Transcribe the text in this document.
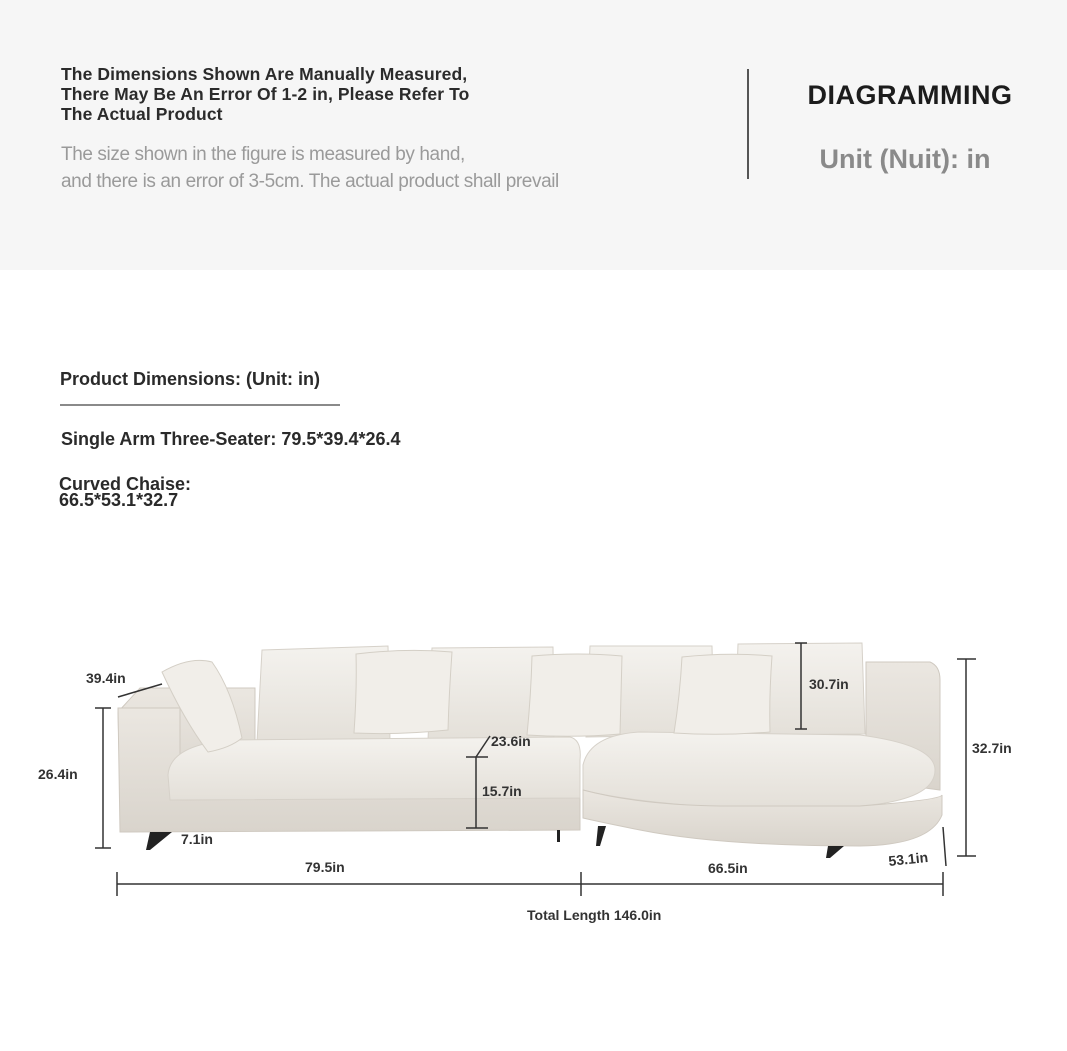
The Dimensions Shown Are Manually Measured, There May Be An Error Of 1-2 in, Please Refer To The Actual Product
The size shown in the figure is measured by hand,
and there is an error of 3-5cm. The actual product shall prevail
DIAGRAMMING
Unit (Nuit): in
Product Dimensions: (Unit: in)
Single Arm Three-Seater: 79.5*39.4*26.4
Curved Chaise:
66.5*53.1*32.7
39.4in
26.4in
7.1in
23.6in
15.7in
30.7in
32.7in
53.1in
79.5in	66.5in
Total Length 146.0in
